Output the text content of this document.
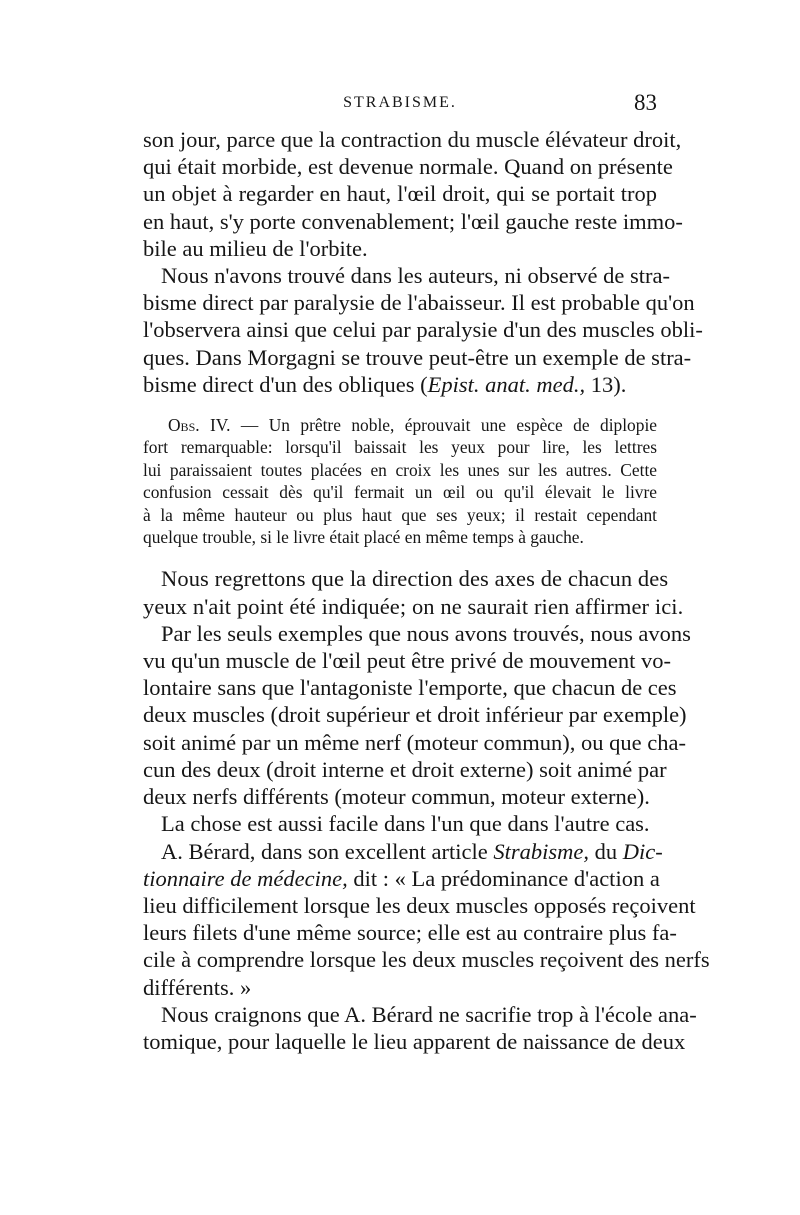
STRABISME.	83
son jour, parce que la contraction du muscle élévateur droit,
qui était morbide, est devenue normale. Quand on présente
un objet à regarder en haut, l'œil droit, qui se portait trop
en haut, s'y porte convenablement; l'œil gauche reste immo-
bile au milieu de l'orbite.
Nous n'avons trouvé dans les auteurs, ni observé de stra-
bisme direct par paralysie de l'abaisseur. Il est probable qu'on
l'observera ainsi que celui par paralysie d'un des muscles obli-
ques. Dans Morgagni se trouve peut-être un exemple de stra-
bisme direct d'un des obliques (Epist. anat. med., 13).
Obs. IV. — Un prêtre noble, éprouvait une espèce de diplopie
fort remarquable: lorsqu'il baissait les yeux pour lire, les lettres
lui paraissaient toutes placées en croix les unes sur les autres. Cette
confusion cessait dès qu'il fermait un œil ou qu'il élevait le livre
à la même hauteur ou plus haut que ses yeux; il restait cependant
quelque trouble, si le livre était placé en même temps à gauche.
Nous regrettons que la direction des axes de chacun des
yeux n'ait point été indiquée; on ne saurait rien affirmer ici.
Par les seuls exemples que nous avons trouvés, nous avons
vu qu'un muscle de l'œil peut être privé de mouvement vo-
lontaire sans que l'antagoniste l'emporte, que chacun de ces
deux muscles (droit supérieur et droit inférieur par exemple)
soit animé par un même nerf (moteur commun), ou que cha-
cun des deux (droit interne et droit externe) soit animé par
deux nerfs différents (moteur commun, moteur externe).
La chose est aussi facile dans l'un que dans l'autre cas.
A. Bérard, dans son excellent article Strabisme, du Dic-
tionnaire de médecine, dit : « La prédominance d'action a
lieu difficilement lorsque les deux muscles opposés reçoivent
leurs filets d'une même source; elle est au contraire plus fa-
cile à comprendre lorsque les deux muscles reçoivent des nerfs
différents. »
Nous craignons que A. Bérard ne sacrifie trop à l'école ana-
tomique, pour laquelle le lieu apparent de naissance de deux
